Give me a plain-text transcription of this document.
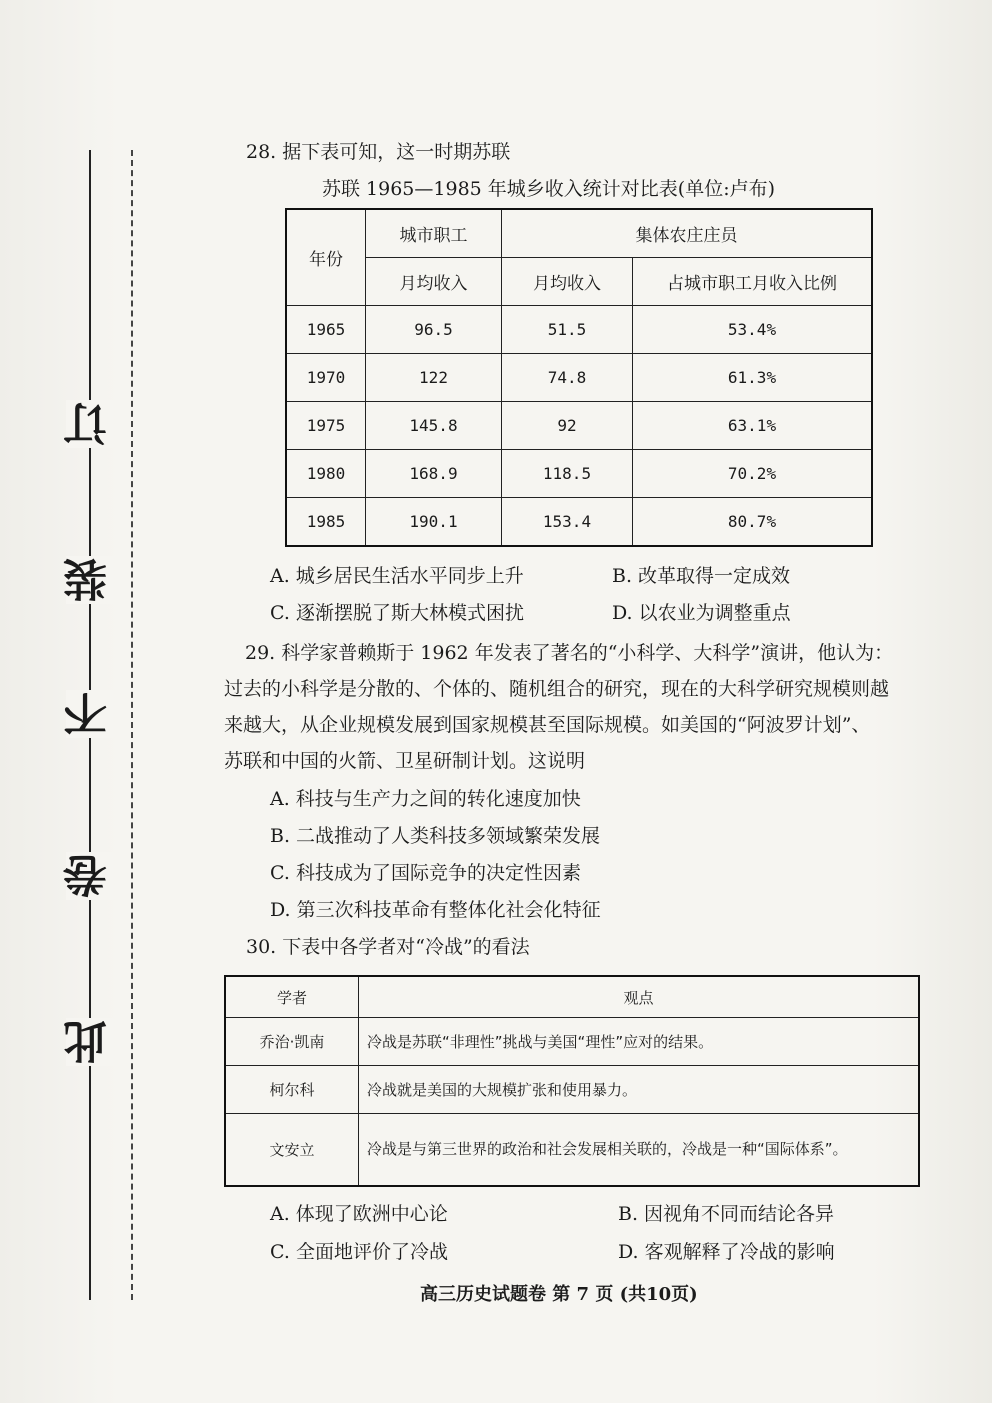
此
卷
不
装
订
28. 据下表可知，这一时期苏联
苏联 1965—1985 年城乡收入统计对比表(单位:卢布)
年份	城市职工	集体农庄庄员	
	月均收入	月均收入	占城市职工月收入比例
1965	96.5	51.5	53.4%
1970	122	74.8	61.3%
1975	145.8	92	63.1%
1980	168.9	118.5	70.2%
1985	190.1	153.4	80.7%
A. 城乡居民生活水平同步上升	B. 改革取得一定成效
C. 逐渐摆脱了斯大林模式困扰	D. 以农业为调整重点
29. 科学家普赖斯于 1962 年发表了著名的“小科学、大科学”演讲，他认为：
过去的小科学是分散的、个体的、随机组合的研究，现在的大科学研究规模则越
来越大，从企业规模发展到国家规模甚至国际规模。如美国的“阿波罗计划”、
苏联和中国的火箭、卫星研制计划。这说明
A. 科技与生产力之间的转化速度加快
B. 二战推动了人类科技多领域繁荣发展
C. 科技成为了国际竞争的决定性因素
D. 第三次科技革命有整体化社会化特征
30. 下表中各学者对“冷战”的看法
学者	观点
乔治·凯南	冷战是苏联“非理性”挑战与美国“理性”应对的结果。
柯尔科	冷战就是美国的大规模扩张和使用暴力。
文安立	冷战是与第三世界的政治和社会发展相关联的，冷战是一种“国际体系”。
A. 体现了欧洲中心论	B. 因视角不同而结论各异
C. 全面地评价了冷战	D. 客观解释了冷战的影响
高三历史试题卷 第 7 页 (共10页)
